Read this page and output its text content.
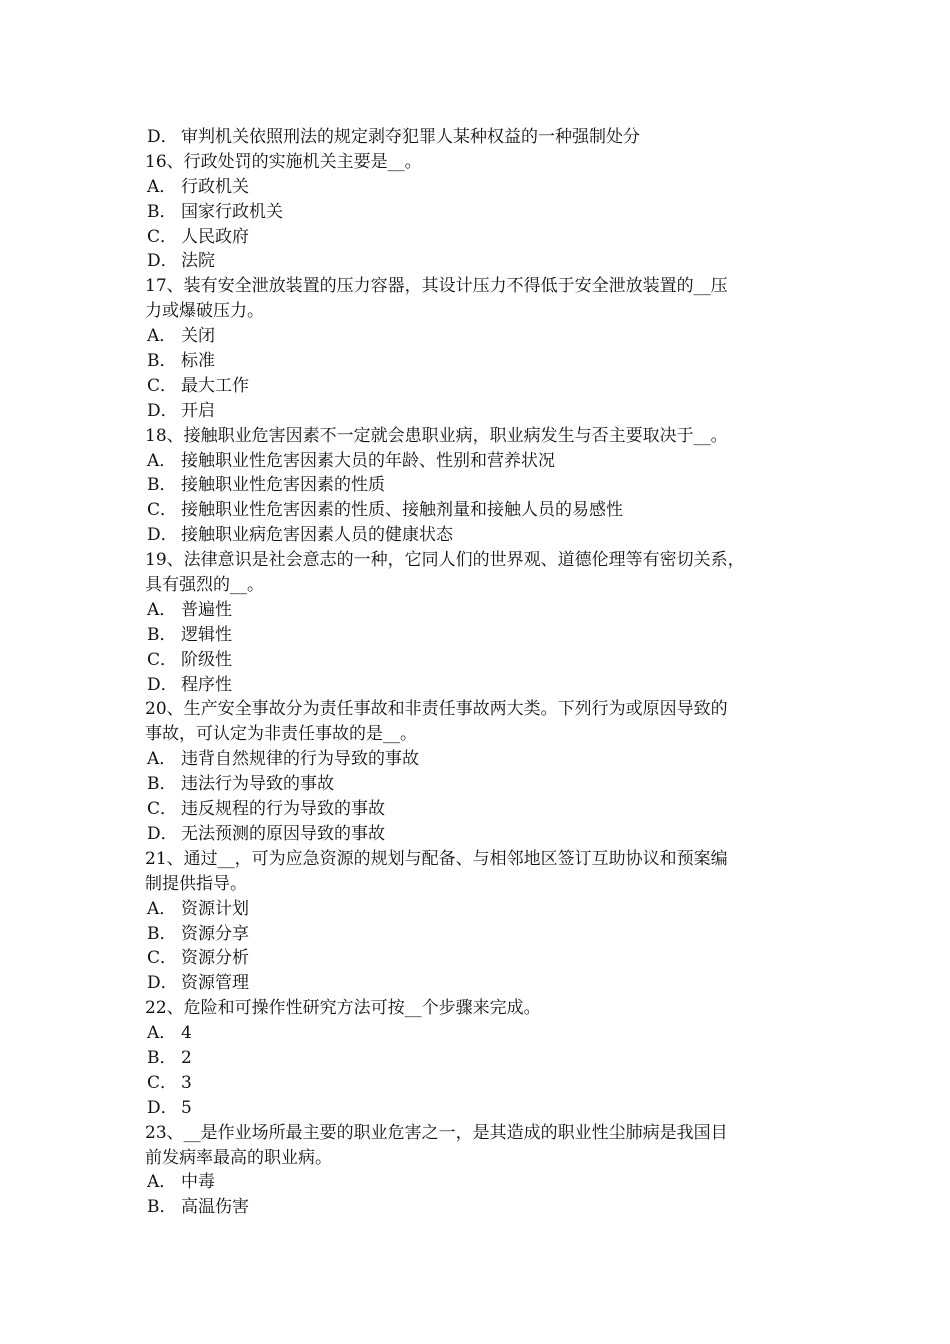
D． 审判机关依照刑法的规定剥夺犯罪人某种权益的一种强制处分
16、行政处罚的实施机关主要是__。
A． 行政机关
B． 国家行政机关
C． 人民政府
D． 法院
17、装有安全泄放装置的压力容器，其设计压力不得低于安全泄放装置的__压
力或爆破压力。
A． 关闭
B． 标准
C． 最大工作
D． 开启
18、接触职业危害因素不一定就会患职业病，职业病发生与否主要取决于__。
A． 接触职业性危害因素大员的年龄、性别和营养状况
B． 接触职业性危害因素的性质
C． 接触职业性危害因素的性质、接触剂量和接触人员的易感性
D． 接触职业病危害因素人员的健康状态
19、法律意识是社会意志的一种，它同人们的世界观、道德伦理等有密切关系，
具有强烈的__。
A． 普遍性
B． 逻辑性
C． 阶级性
D． 程序性
20、生产安全事故分为责任事故和非责任事故两大类。下列行为或原因导致的
事故，可认定为非责任事故的是__。
A． 违背自然规律的行为导致的事故
B． 违法行为导致的事故
C． 违反规程的行为导致的事故
D． 无法预测的原因导致的事故
21、通过__，可为应急资源的规划与配备、与相邻地区签订互助协议和预案编
制提供指导。
A． 资源计划
B． 资源分享
C． 资源分析
D． 资源管理
22、危险和可操作性研究方法可按__个步骤来完成。
A． 4
B． 2
C． 3
D． 5
23、__是作业场所最主要的职业危害之一，是其造成的职业性尘肺病是我国目
前发病率最高的职业病。
A． 中毒
B． 高温伤害
